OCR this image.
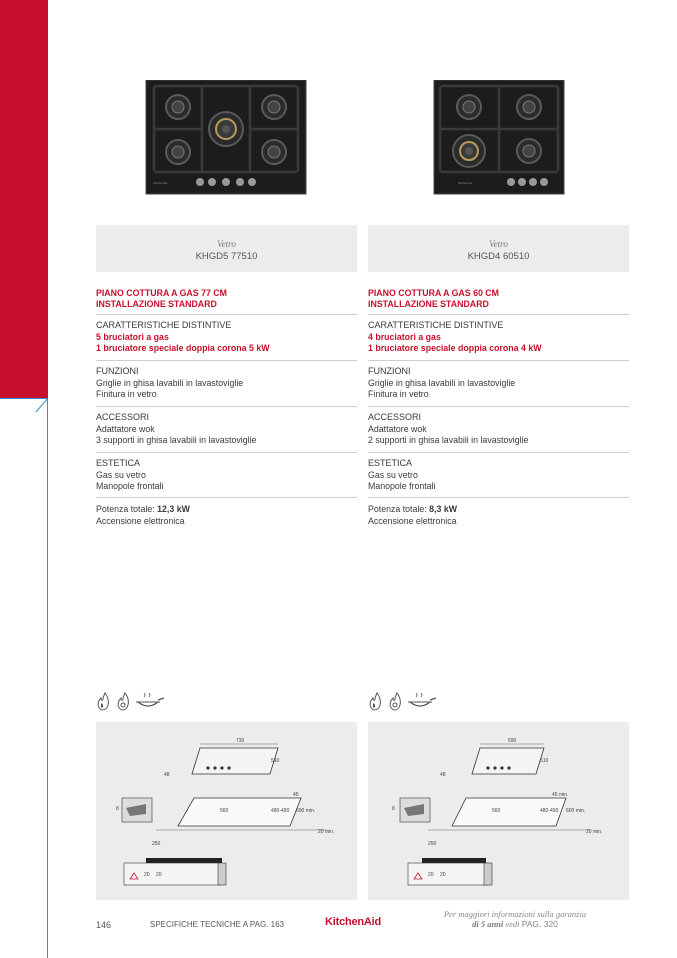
KitchenAid
Vetro
KHGD5 77510
PIANO COTTURA A GAS 77 CM
INSTALLAZIONE STANDARD
CARATTERISTICHE DISTINTIVE
5 bruciatori a gas
1 bruciatore speciale doppia corona 5 kW
FUNZIONI
Griglie in ghisa lavabili in lavastoviglie
Finitura in vetro
ACCESSORI
Adattatore wok
3 supporti in ghisa lavabili in lavastoviglie
ESTETICA
Gas su vetro
Manopole frontali
Potenza totale: 12,3 kW
Accensione elettronica
730
510
48
560	480-490 600 min.
45
20 min.
250
8
20 20
KitchenAid
Vetro
KHGD4 60510
PIANO COTTURA A GAS 60 CM
INSTALLAZIONE STANDARD
CARATTERISTICHE DISTINTIVE
4 bruciatori a gas
1 bruciatore speciale doppia corona 4 kW
FUNZIONI
Griglie in ghisa lavabili in lavastoviglie
Finitura in vetro
ACCESSORI
Adattatore wok
2 supporti in ghisa lavabili in lavastoviglie
ESTETICA
Gas su vetro
Manopole frontali
Potenza totale: 8,3 kW
Accensione elettronica
590
510
48
560	480-490 600 min.
45 min.
20 min.
250
8
20 20
146	SPECIFICHE TECNICHE A PAG. 163	KitchenAid
Per maggiori informazioni sulla garanzia
di 5 anni vedi PAG. 320
